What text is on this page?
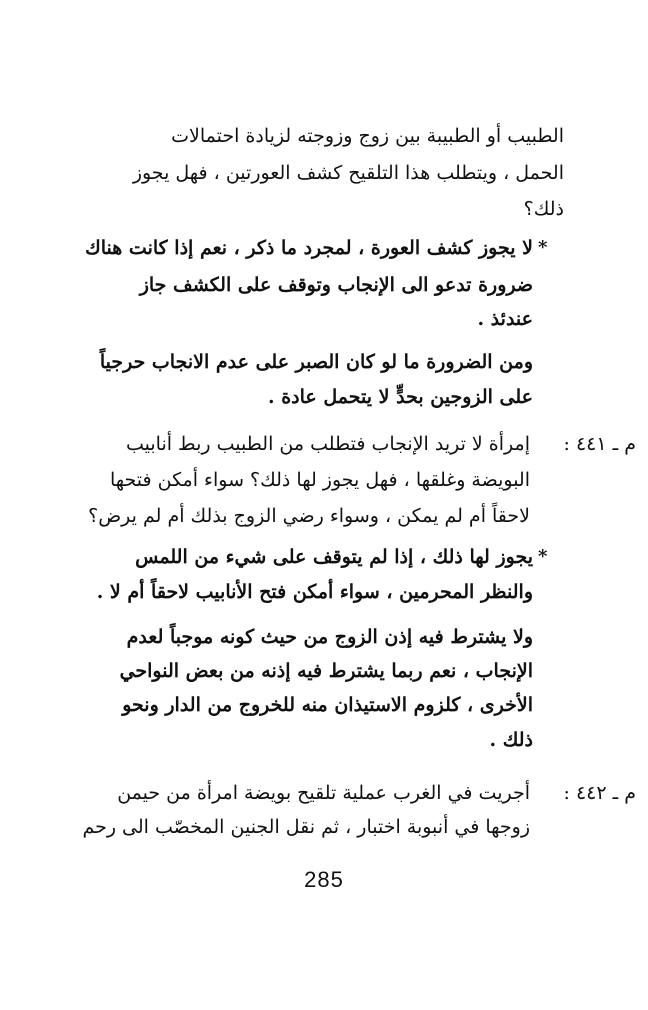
الطبيب أو الطبيبة بين زوج وزوجته لزيادة احتمالات
الحمل ، ويتطلب هذا التلقيح كشف العورتين ، فهل يجوز
ذلك؟
*
لا يجوز كشف العورة ، لمجرد ما ذكر ، نعم إذا كانت هناك
ضرورة تدعو الى الإنجاب وتوقف على الكشف جاز
عندئذ .
ومن الضرورة ما لو كان الصبر على عدم الانجاب حرجياً
على الزوجين بحدٍّ لا يتحمل عادة .
م ـ ٤٤١ :
إمرأة لا تريد الإنجاب فتطلب من الطبيب ربط أنابيب
البويضة وغلقها ، فهل يجوز لها ذلك؟ سواء أمكن فتحها
لاحقاً أم لم يمكن ، وسواء رضي الزوج بذلك أم لم يرض؟
*
يجوز لها ذلك ، إذا لم يتوقف على شيء من اللمس
والنظر المحرمين ، سواء أمكن فتح الأنابيب لاحقاً أم لا .
ولا يشترط فيه إذن الزوج من حيث كونه موجباً لعدم
الإنجاب ، نعم ربما يشترط فيه إذنه من بعض النواحي
الأخرى ، كلزوم الاستيذان منه للخروج من الدار ونحو
ذلك .
م ـ ٤٤٢ :
أجريت في الغرب عملية تلقيح بويضة امرأة من حيمن
زوجها في أنبوبة اختبار ، ثم نقل الجنين المخصّب الى رحم
285
